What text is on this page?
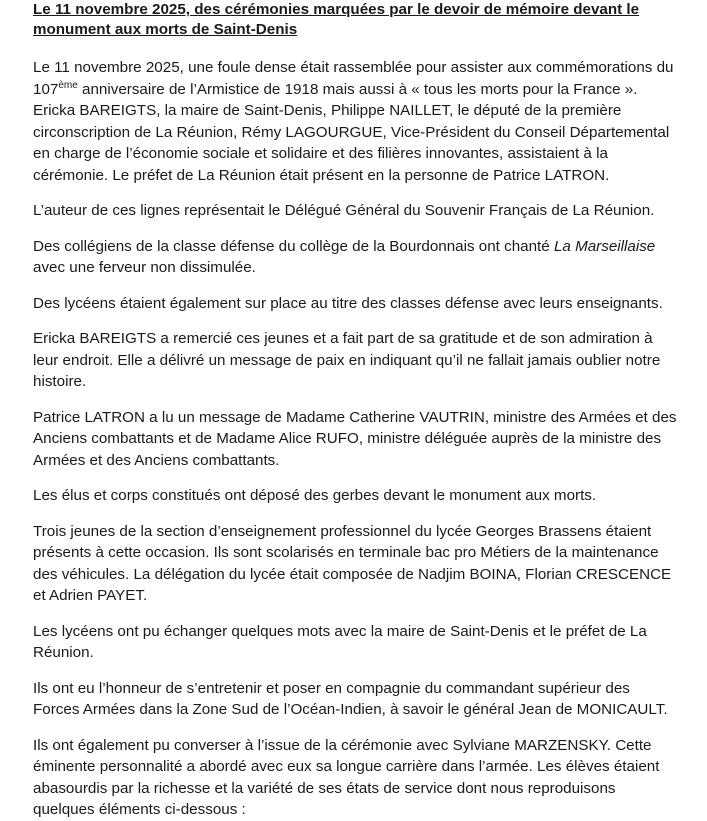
Le 11 novembre 2025, des cérémonies marquées par le devoir de mémoire devant le
monument aux morts de Saint-Denis

Le 11 novembre 2025, une foule dense était rassemblée pour assister aux commémorations du 107ème anniversaire de l’Armistice de 1918 mais aussi à « tous les morts pour la France ». Ericka BAREIGTS, la maire de Saint-Denis, Philippe NAILLET, le député de la première circonscription de La Réunion, Rémy LAGOURGUE, Vice-Président du Conseil Départemental en charge de l’économie sociale et solidaire et des filières innovantes, assistaient à la cérémonie. Le préfet de La Réunion était présent en la personne de Patrice LATRON.

L’auteur de ces lignes représentait le Délégué Général du Souvenir Français de La Réunion.

Des collégiens de la classe défense du collège de la Bourdonnais ont chanté La Marseillaise avec une ferveur non dissimulée.

Des lycéens étaient également sur place au titre des classes défense avec leurs enseignants.

Ericka BAREIGTS a remercié ces jeunes et a fait part de sa gratitude et de son admiration à leur endroit. Elle a délivré un message de paix en indiquant qu’il ne fallait jamais oublier notre histoire.

Patrice LATRON a lu un message de Madame Catherine VAUTRIN, ministre des Armées et des Anciens combattants et de Madame Alice RUFO, ministre déléguée auprès de la ministre des Armées et des Anciens combattants.

Les élus et corps constitués ont déposé des gerbes devant le monument aux morts.

Trois jeunes de la section d’enseignement professionnel du lycée Georges Brassens étaient présents à cette occasion. Ils sont scolarisés en terminale bac pro Métiers de la maintenance des véhicules. La délégation du lycée était composée de Nadjim BOINA, Florian CRESCENCE et Adrien PAYET.

Les lycéens ont pu échanger quelques mots avec la maire de Saint-Denis et le préfet de La Réunion.

Ils ont eu l’honneur de s’entretenir et poser en compagnie du commandant supérieur des Forces Armées dans la Zone Sud de l’Océan-Indien, à savoir le général Jean de MONICAULT.

Ils ont également pu converser à l’issue de la cérémonie avec Sylviane MARZENSKY. Cette éminente personnalité a abordé avec eux sa longue carrière dans l’armée. Les élèves étaient abasourdis par la richesse et la variété de ses états de service dont nous reproduisons quelques éléments ci-dessous :
